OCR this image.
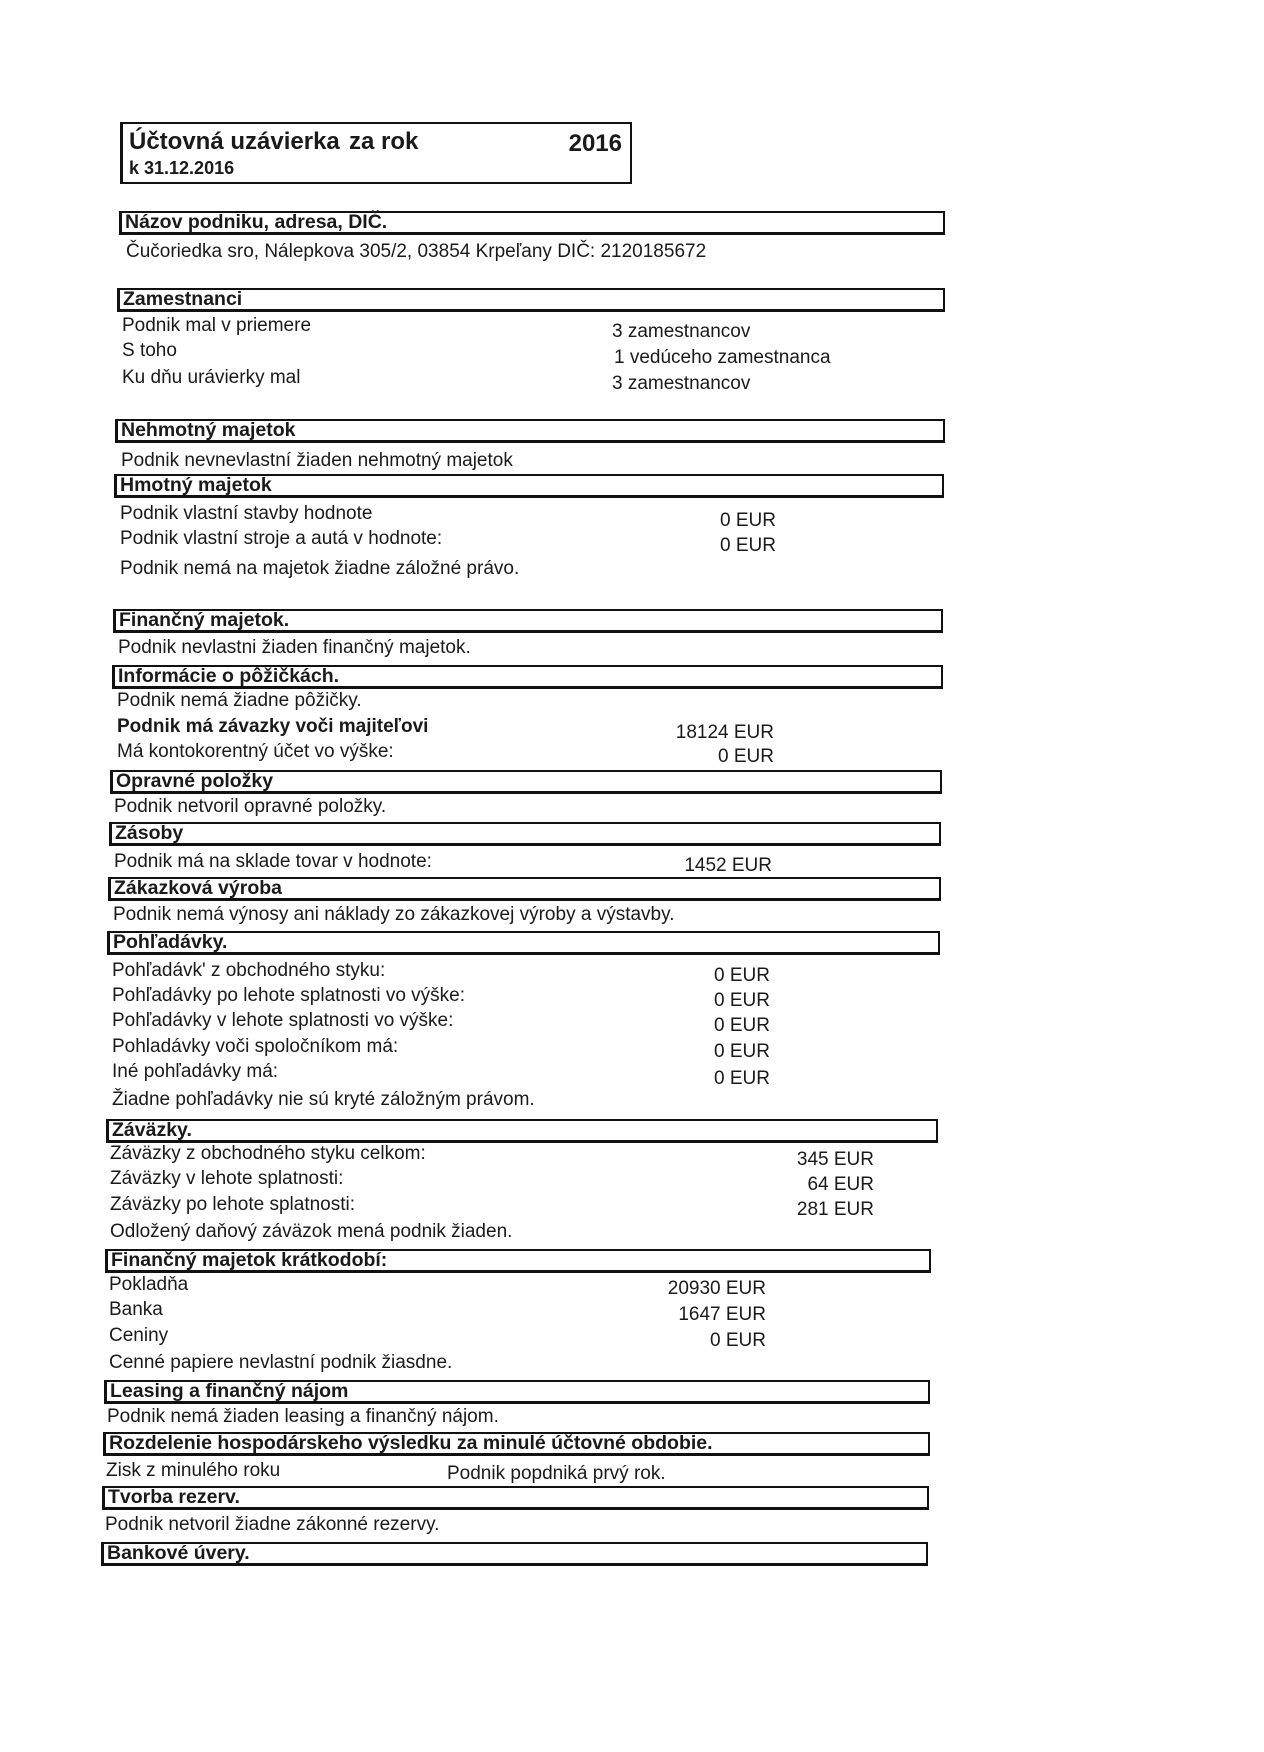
Účtovná uzávierka za rok	2016
k 31.12.2016
Názov podniku, adresa, DIČ.
Čučoriedka sro, Nálepkova 305/2, 03854 Krpeľany DIČ: 2120185672
Zamestnanci
Podnik mal v priemere	3 zamestnancov
S toho	1 vedúceho zamestnanca
Ku dňu urávierky mal	3 zamestnancov
Nehmotný majetok
Podnik nevnevlastní žiaden nehmotný majetok
Hmotný majetok
Podnik vlastní stavby hodnote	0 EUR
Podnik vlastní stroje a autá v hodnote:	0 EUR
Podnik nemá na majetok žiadne záložné právo.
Finančný majetok.
Podnik nevlastni žiaden finančný majetok.
Informácie o pôžičkách.
Podnik nemá žiadne pôžičky.
Podnik má závazky voči majiteľovi	18124 EUR
Má kontokorentný účet vo výške:	0 EUR
Opravné položky
Podnik netvoril opravné položky.
Zásoby
Podnik má na sklade tovar v hodnote:	1452 EUR
Zákazková výroba
Podnik nemá výnosy ani náklady zo zákazkovej výroby a výstavby.
Pohľadávky.
Pohľadávk' z obchodného styku:	0 EUR
Pohľadávky po lehote splatnosti vo výške:	0 EUR
Pohľadávky v lehote splatnosti vo výške:	0 EUR
Pohladávky voči spoločníkom má:	0 EUR
Iné pohľadávky má:	0 EUR
Žiadne pohľadávky nie sú kryté záložným právom.
Záväzky.
Záväzky z obchodného styku celkom:	345 EUR
Záväzky v lehote splatnosti:	64 EUR
Záväzky po lehote splatnosti:	281 EUR
Odložený daňový záväzok mená podnik žiaden.
Finančný majetok krátkodobí:
Pokladňa	20930 EUR
Banka	1647 EUR
Ceniny	0 EUR
Cenné papiere nevlastní podnik žiasdne.
Leasing a finančný nájom
Podnik nemá žiaden leasing a finančný nájom.
Rozdelenie hospodárskeho výsledku za minulé účtovné obdobie.
Zisk z minulého roku	Podnik popdniká prvý rok.
Tvorba rezerv.
Podnik netvoril žiadne zákonné rezervy.
Bankové úvery.
